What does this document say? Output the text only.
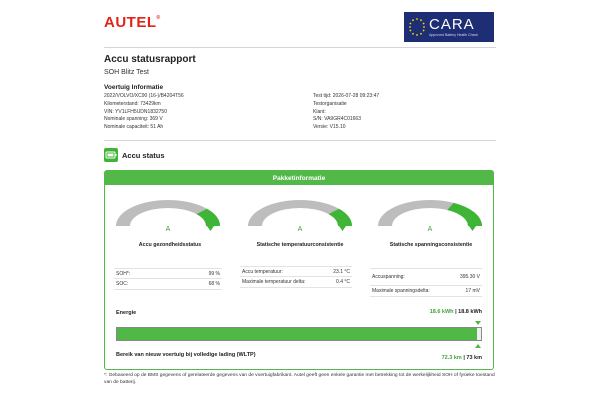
AUTEL®	CARA
Approved Battery Health Check
Accu statusrapport
SOH Blitz Test
Voertuig Informatie
2022/VOLVO/XC90 (16-)/B4204T56
Kilometerstand: 73429km
VIN: YV1LFH5UDN1832750
Nominale spanning: 369 V
Nominale capaciteit: 51 Ah
Test tijd: 2026-07-28 09:23:47
Testorganisatie
Klant:
S/N: VA9GR4C01663
Versie: V15.10
Accu status
Pakketinformatie
A
Accu gezondheidsstatus
A
Statische temperatuurconsistentie
A
Statische spanningsconsistentie
SOH*:	99 %
SOC:	68 %
Accu temperatuur:	23.1 °C
Maximale temperatuur delta:	0.4 °C
Accuspanning:	395.30 V
Maximale spanningsdelta:	17 mV
Energie	18.6 kWh | 18.8 kWh
Bereik van nieuw voertuig bij volledige lading (WLTP)	72.3 km | 73 km
*: Gebaseerd op de BMS gegevens of gerelateerde gegevens van de voertuigfabrikant. Autel geeft geen enkele garantie met betrekking tot de werkelijkheid SOH of fysieke toestand van de batterij.
